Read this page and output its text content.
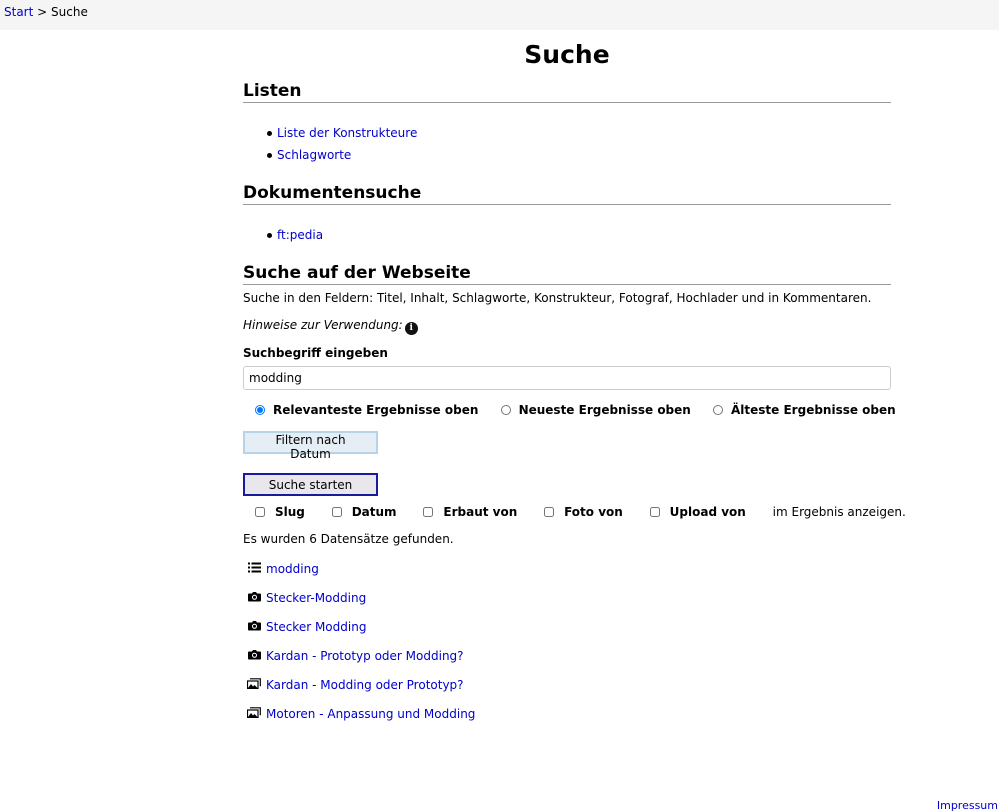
Start > Suche
Suche
Listen
Liste der Konstrukteure
Schlagworte
Dokumentensuche
ft:pedia
Suche auf der Webseite
Suche in den Feldern: Titel, Inhalt, Schlagworte, Konstrukteur, Fotograf, Hochlader und in Kommentaren.
Hinweise zur Verwendung: i
Suchbegriff eingeben
modding
Relevanteste Ergebnisse oben	Neueste Ergebnisse oben	Älteste Ergebnisse oben
Filtern nach Datum
Suche starten
Slug	Datum	Erbaut von	Foto von	Upload von im Ergebnis anzeigen.
Es wurden 6 Datensätze gefunden.
modding
Stecker-Modding
Stecker Modding
Kardan - Prototyp oder Modding?
Kardan - Modding oder Prototyp?
Motoren - Anpassung und Modding
Impressum
